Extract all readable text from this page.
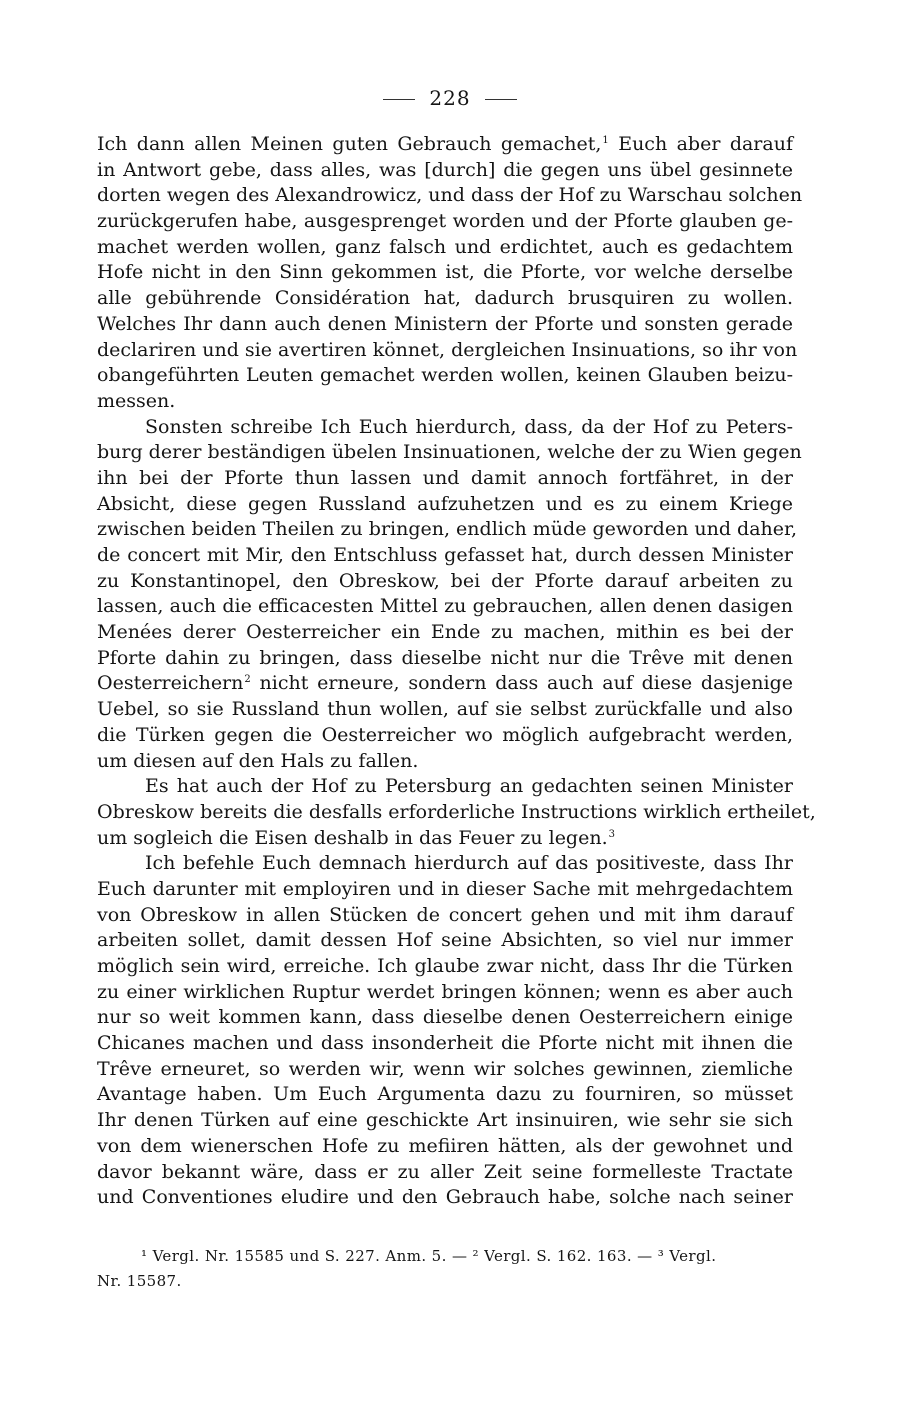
228
Ich dann allen Meinen guten Gebrauch gemachet,$^1$ Euch aber darauf
in Antwort gebe, dass alles, was [durch] die gegen uns übel gesinnete
dorten wegen des Alexandrowicz, und dass der Hof zu Warschau solchen
zurückgerufen habe, ausgesprenget worden und der Pforte glauben ge-
machet werden wollen, ganz falsch und erdichtet, auch es gedachtem
Hofe nicht in den Sinn gekommen ist, die Pforte, vor welche derselbe
alle gebührende Considération hat, dadurch brusquiren zu wollen.
Welches Ihr dann auch denen Ministern der Pforte und sonsten gerade
declariren und sie avertiren könnet, dergleichen Insinuations, so ihr von
obangeführten Leuten gemachet werden wollen, keinen Glauben beizu-
messen.
Sonsten schreibe Ich Euch hierdurch, dass, da der Hof zu Peters-
burg derer beständigen übelen Insinuationen, welche der zu Wien gegen
ihn bei der Pforte thun lassen und damit annoch fortfähret, in der
Absicht, diese gegen Russland aufzuhetzen und es zu einem Kriege
zwischen beiden Theilen zu bringen, endlich müde geworden und daher,
de concert mit Mir, den Entschluss gefasset hat, durch dessen Minister
zu Konstantinopel, den Obreskow, bei der Pforte darauf arbeiten zu
lassen, auch die efficacesten Mittel zu gebrauchen, allen denen dasigen
Menées derer Oesterreicher ein Ende zu machen, mithin es bei der
Pforte dahin zu bringen, dass dieselbe nicht nur die Trêve mit denen
Oesterreichern$^2$ nicht erneure, sondern dass auch auf diese dasjenige
Uebel, so sie Russland thun wollen, auf sie selbst zurückfalle und also
die Türken gegen die Oesterreicher wo möglich aufgebracht werden,
um diesen auf den Hals zu fallen.
Es hat auch der Hof zu Petersburg an gedachten seinen Minister
Obreskow bereits die desfalls erforderliche Instructions wirklich ertheilet,
um sogleich die Eisen deshalb in das Feuer zu legen.$^3$
Ich befehle Euch demnach hierdurch auf das positiveste, dass Ihr
Euch darunter mit employiren und in dieser Sache mit mehrgedachtem
von Obreskow in allen Stücken de concert gehen und mit ihm darauf
arbeiten sollet, damit dessen Hof seine Absichten, so viel nur immer
möglich sein wird, erreiche. Ich glaube zwar nicht, dass Ihr die Türken
zu einer wirklichen Ruptur werdet bringen können; wenn es aber auch
nur so weit kommen kann, dass dieselbe denen Oesterreichern einige
Chicanes machen und dass insonderheit die Pforte nicht mit ihnen die
Trêve erneuret, so werden wir, wenn wir solches gewinnen, ziemliche
Avantage haben. Um Euch Argumenta dazu zu fourniren, so müsset
Ihr denen Türken auf eine geschickte Art insinuiren, wie sehr sie sich
von dem wienerschen Hofe zu mefiiren hätten, als der gewohnet und
davor bekannt wäre, dass er zu aller Zeit seine formelleste Tractate
und Conventiones eludire und den Gebrauch habe, solche nach seiner
¹ Vergl. Nr. 15585 und S. 227. Anm. 5. — ² Vergl. S. 162. 163. — ³ Vergl.
Nr. 15587.
